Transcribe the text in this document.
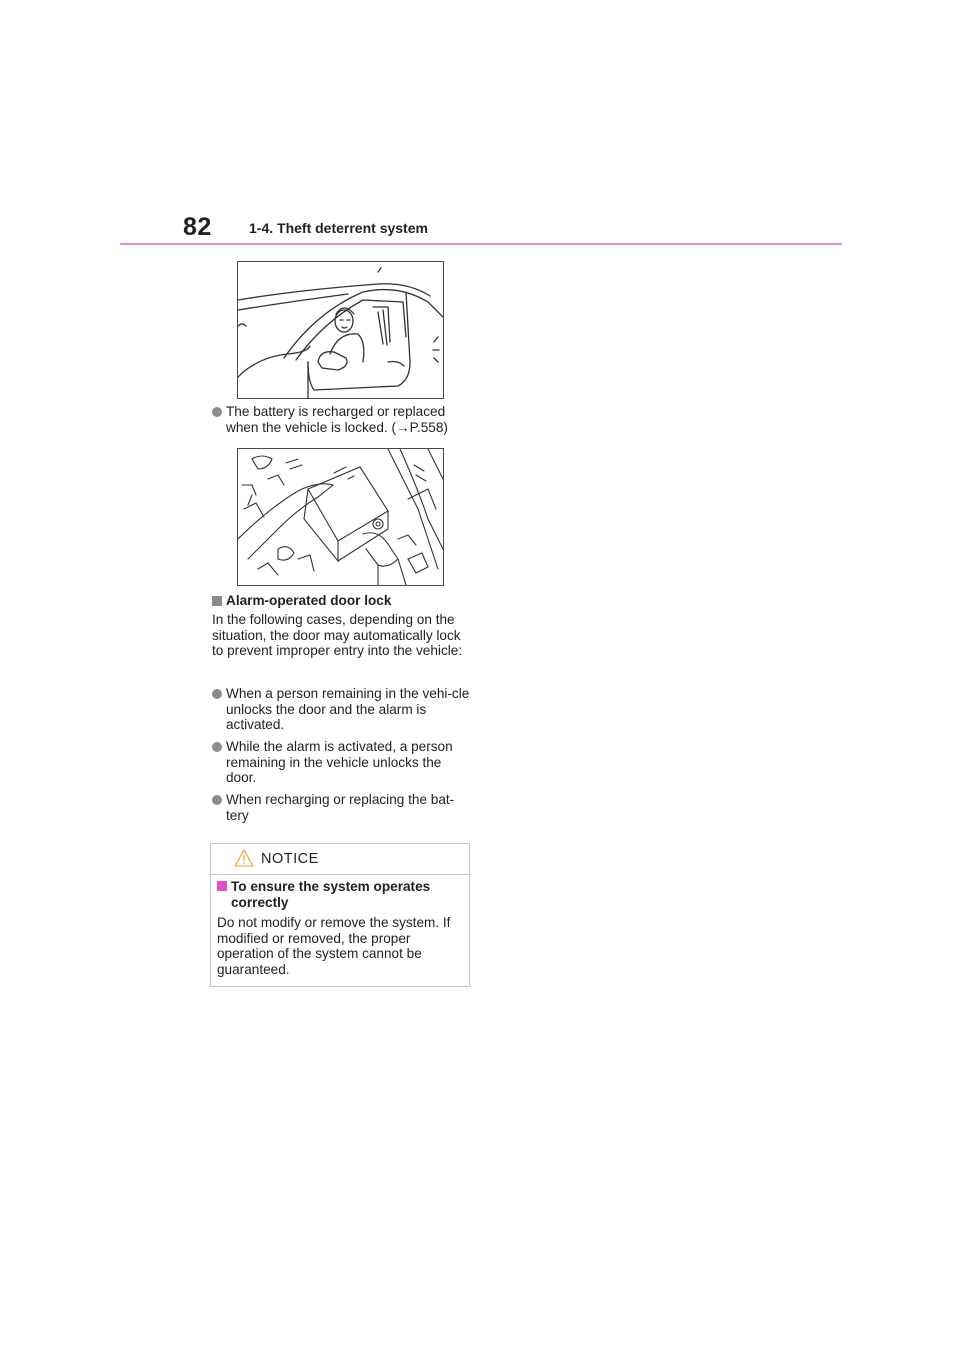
82	1-4. Theft deterrent system
The battery is recharged or replaced when the vehicle is locked. (→P.558)
Alarm-operated door lock
In the following cases, depending on the situation, the door may automatically lock to prevent improper entry into the vehicle:
When a person remaining in the vehi-cle unlocks the door and the alarm is activated.
While the alarm is activated, a person remaining in the vehicle unlocks the door.
When recharging or replacing the bat-tery
NOTICE
To ensure the system operates correctly
Do not modify or remove the system. If modified or removed, the proper operation of the system cannot be guaranteed.
